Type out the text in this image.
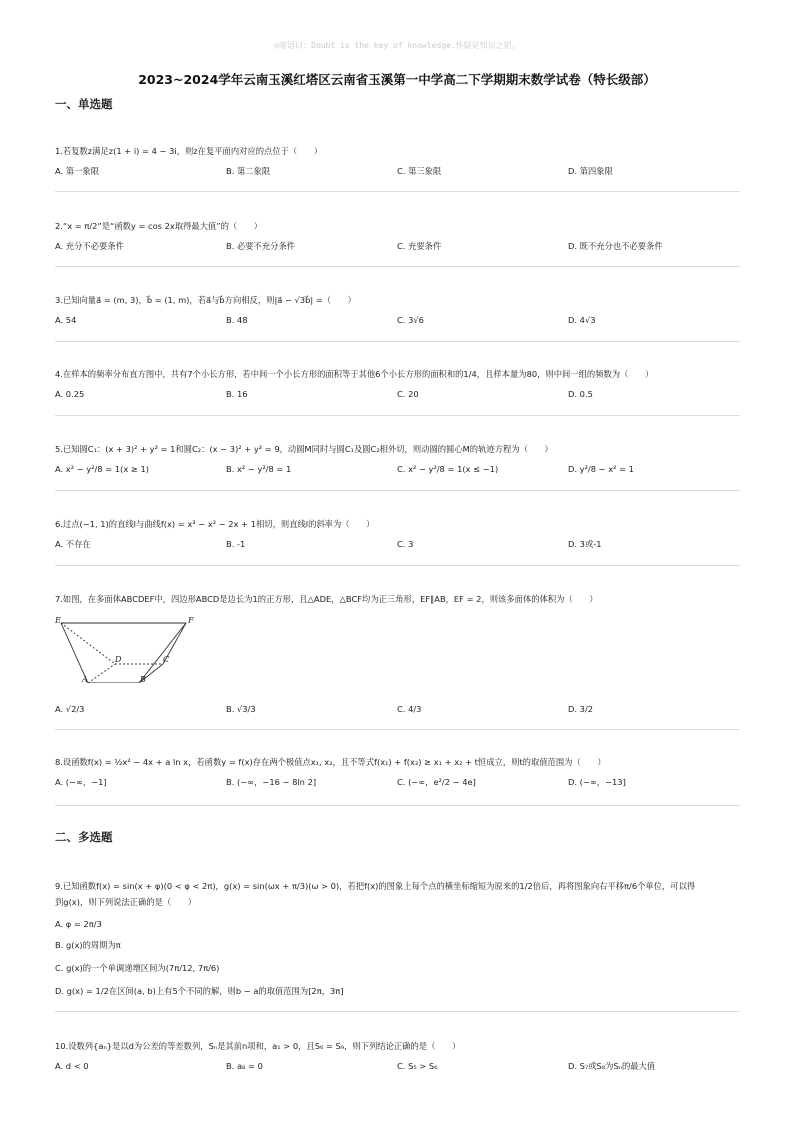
◎寄语曰：Doubt is the key of knowledge.怀疑是知识之钥。
2023~2024学年云南玉溪红塔区云南省玉溪第一中学高二下学期期末数学试卷（特长级部）
一、单选题
1.若复数z满足z(1 + i) = 4 − 3i，则z在复平面内对应的点位于（　　）
A. 第一象限	B. 第二象限	C. 第三象限	D. 第四象限
2.“x = π/2”是“函数y = cos 2x取得最大值”的（　　）
A. 充分不必要条件	B. 必要不充分条件	C. 充要条件	D. 既不充分也不必要条件
3.已知向量a⃗ = (m, 3)，b⃗ = (1, m)，若a⃗与b⃗方向相反，则|a⃗ − √3b⃗| =（　　）
A. 54	B. 48	C. 3√6	D. 4√3
4.在样本的频率分布直方图中，共有7个小长方形，若中间一个小长方形的面积等于其他6个小长方形的面积和的1/4，且样本量为80，则中间一组的频数为（　　）
A. 0.25	B. 16	C. 20	D. 0.5
5.已知圆C₁：(x + 3)² + y² = 1和圆C₂：(x − 3)² + y² = 9，动圆M同时与圆C₁及圆C₂相外切，则动圆的圆心M的轨迹方程为（　　）
A. x² − y²/8 = 1(x ≥ 1)	B. x² − y²/8 = 1	C. x² − y²/8 = 1(x ≤ −1)	D. y²/8 − x² = 1
6.过点(−1, 1)的直线l与曲线f(x) = x³ − x² − 2x + 1相切，则直线l的斜率为（　　）
A. 不存在	B. -1	C. 3	D. 3或-1
7.如图，在多面体ABCDEF中，四边形ABCD是边长为1的正方形，且△ADE，△BCF均为正三角形，EF∥AB，EF = 2，则该多面体的体积为（　　）
E	F
D	C
A	B
A. √2/3	B. √3/3	C. 4/3	D. 3/2
8.设函数f(x) = ½x² − 4x + a ln x，若函数y = f(x)存在两个极值点x₁, x₂，且不等式f(x₁) + f(x₂) ≥ x₁ + x₂ + t恒成立，则t的取值范围为（　　）
A. (−∞，−1]	B. (−∞，−16 − 8ln 2]	C. (−∞，e²/2 − 4e]	D. (−∞，−13]
二、多选题
9.已知函数f(x) = sin(x + φ)(0 < φ < 2π)，g(x) = sin(ωx + π/3)(ω > 0)，若把f(x)的图象上每个点的横坐标缩短为原来的1/2倍后，再将图象向右平移π/6个单位，可以得
到g(x)，则下列说法正确的是（　　）
A. φ = 2π/3
B. g(x)的周期为π
C. g(x)的一个单调递增区间为(7π/12, 7π/6)
D. g(x) = 1/2在区间(a, b)上有5个不同的解，则b − a的取值范围为[2π，3π]
10.设数列{aₙ}是以d为公差的等差数列，Sₙ是其前n项和，a₁ > 0，且S₆ = S₉，则下列结论正确的是（　　）
A. d < 0	B. a₈ = 0	C. S₅ > S₆	D. S₇或S₈为Sₙ的最大值
